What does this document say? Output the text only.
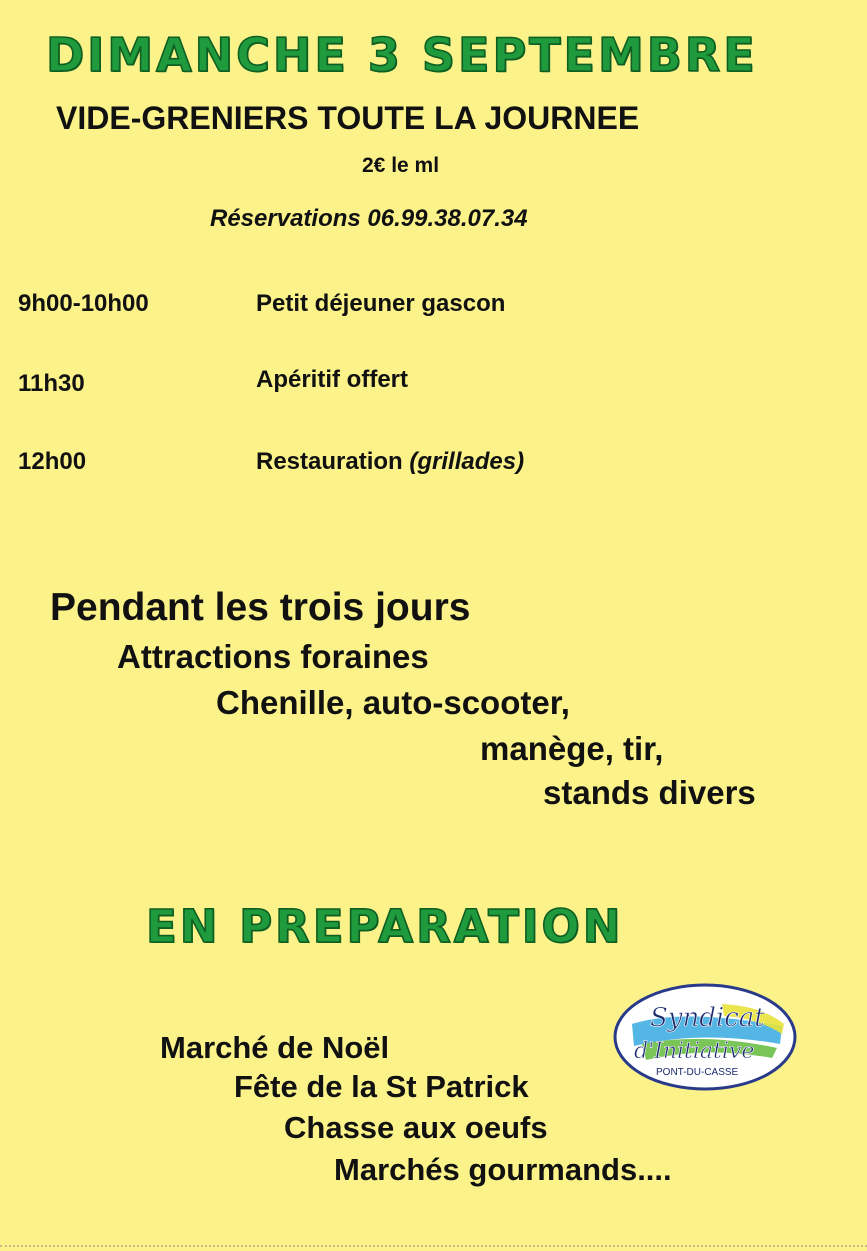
DIMANCHE 3 SEPTEMBRE
VIDE-GRENIERS TOUTE LA JOURNEE
2€ le ml
Réservations 06.99.38.07.34
9h00-10h00	Petit déjeuner gascon
11h30	Apéritif offert
12h00	Restauration (grillades)
Pendant les trois jours
Attractions foraines
Chenille, auto-scooter,
manège, tir,
stands divers
EN PREPARATION
Marché de Noël
Fête de la St Patrick
Chasse aux oeufs
Marchés gourmands....
Syndicat
d'Initiative
PONT-DU-CASSE
